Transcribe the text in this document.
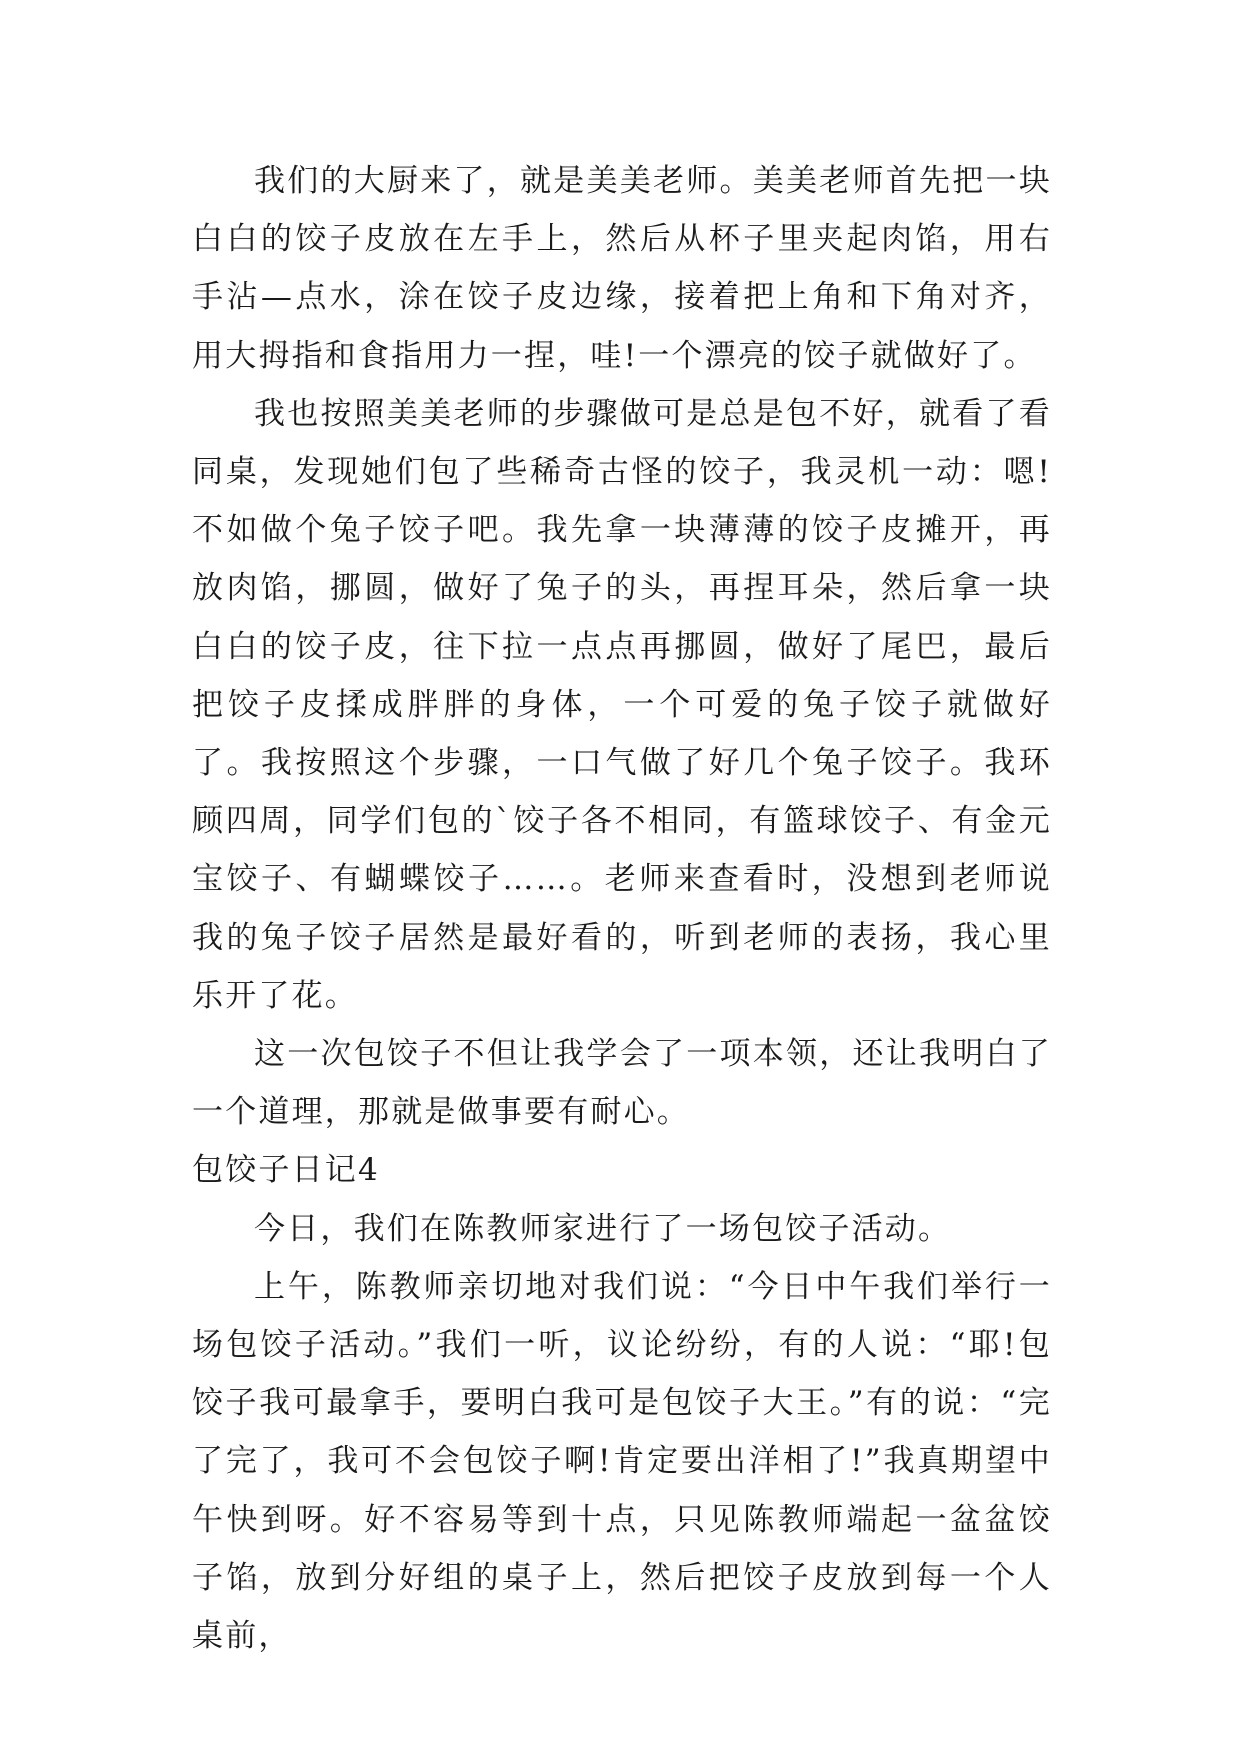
我们的大厨来了，就是美美老师。美美老师首先把一块白白的饺子皮放在左手上，然后从杯子里夹起肉馅，用右手沾—点水，涂在饺子皮边缘，接着把上角和下角对齐，用大拇指和食指用力一捏，哇!一个漂亮的饺子就做好了。

我也按照美美老师的步骤做可是总是包不好，就看了看同桌，发现她们包了些稀奇古怪的饺子，我灵机一动：嗯!不如做个兔子饺子吧。我先拿一块薄薄的饺子皮摊开，再放肉馅，挪圆，做好了兔子的头，再捏耳朵，然后拿一块白白的饺子皮，往下拉一点点再挪圆，做好了尾巴，最后把饺子皮揉成胖胖的身体，一个可爱的兔子饺子就做好了。我按照这个步骤，一口气做了好几个兔子饺子。我环顾四周，同学们包的`饺子各不相同，有篮球饺子、有金元宝饺子、有蝴蝶饺子……。老师来查看时，没想到老师说我的兔子饺子居然是最好看的，听到老师的表扬，我心里乐开了花。

这一次包饺子不但让我学会了一项本领，还让我明白了一个道理，那就是做事要有耐心。

包饺子日记4

今日，我们在陈教师家进行了一场包饺子活动。

上午，陈教师亲切地对我们说：“今日中午我们举行一场包饺子活动。”我们一听，议论纷纷，有的人说：“耶!包饺子我可最拿手，要明白我可是包饺子大王。”有的说：“完了完了，我可不会包饺子啊!肯定要出洋相了!”我真期望中午快到呀。好不容易等到十点，只见陈教师端起一盆盆饺子馅，放到分好组的桌子上，然后把饺子皮放到每一个人桌前，
